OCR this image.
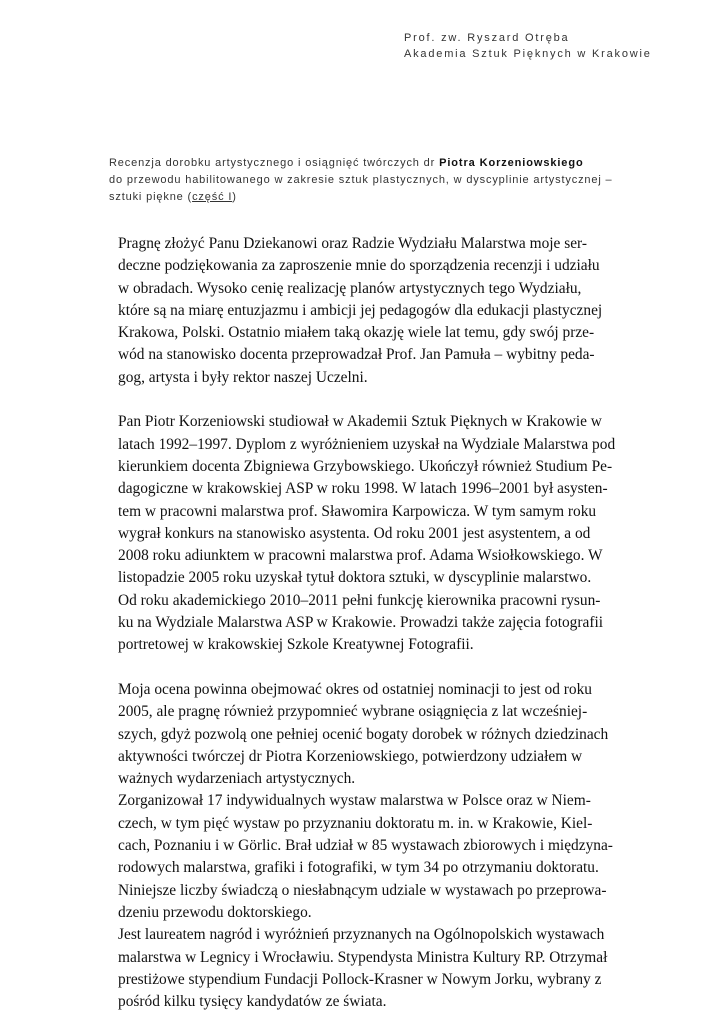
Prof. zw. Ryszard Otręba
Akademia Sztuk Pięknych w Krakowie
Recenzja dorobku artystycznego i osiągnięć twórczych dr Piotra Korzeniowskiego
do przewodu habilitowanego w zakresie sztuk plastycznych, w dyscyplinie artystycznej –
sztuki piękne (część I)
Pragnę złożyć Panu Dziekanowi oraz Radzie Wydziału Malarstwa moje ser-
deczne podziękowania za zaproszenie mnie do sporządzenia recenzji i udziału
w obradach. Wysoko cenię realizację planów artystycznych tego Wydziału,
które są na miarę entuzjazmu i ambicji jej pedagogów dla edukacji plastycznej
Krakowa, Polski. Ostatnio miałem taką okazję wiele lat temu, gdy swój prze-
wód na stanowisko docenta przeprowadzał Prof. Jan Pamuła – wybitny peda-
gog, artysta i były rektor naszej Uczelni.
Pan Piotr Korzeniowski studiował w Akademii Sztuk Pięknych w Krakowie w
latach 1992–1997. Dyplom z wyróżnieniem uzyskał na Wydziale Malarstwa pod
kierunkiem docenta Zbigniewa Grzybowskiego. Ukończył również Studium Pe-
dagogiczne w krakowskiej ASP w roku 1998. W latach 1996–2001 był asysten-
tem w pracowni malarstwa prof. Sławomira Karpowicza. W tym samym roku
wygrał konkurs na stanowisko asystenta. Od roku 2001 jest asystentem, a od
2008 roku adiunktem w pracowni malarstwa prof. Adama Wsiołkowskiego. W
listopadzie 2005 roku uzyskał tytuł doktora sztuki, w dyscyplinie malarstwo.
Od roku akademickiego 2010–2011 pełni funkcję kierownika pracowni rysun-
ku na Wydziale Malarstwa ASP w Krakowie. Prowadzi także zajęcia fotografii
portretowej w krakowskiej Szkole Kreatywnej Fotografii.
Moja ocena powinna obejmować okres od ostatniej nominacji to jest od roku
2005, ale pragnę również przypomnieć wybrane osiągnięcia z lat wcześniej-
szych, gdyż pozwolą one pełniej ocenić bogaty dorobek w różnych dziedzinach
aktywności twórczej dr Piotra Korzeniowskiego, potwierdzony udziałem w
ważnych wydarzeniach artystycznych.
Zorganizował 17 indywidualnych wystaw malarstwa w Polsce oraz w Niem-
czech, w tym pięć wystaw po przyznaniu doktoratu m. in. w Krakowie, Kiel-
cach, Poznaniu i w Görlic. Brał udział w 85 wystawach zbiorowych i międzyna-
rodowych malarstwa, grafiki i fotografiki, w tym 34 po otrzymaniu doktoratu.
Niniejsze liczby świadczą o niesłabnącym udziale w wystawach po przeprowa-
dzeniu przewodu doktorskiego.
Jest laureatem nagród i wyróżnień przyznanych na Ogólnopolskich wystawach
malarstwa w Legnicy i Wrocławiu. Stypendysta Ministra Kultury RP. Otrzymał
prestiżowe stypendium Fundacji Pollock-Krasner w Nowym Jorku, wybrany z
pośród kilku tysięcy kandydatów ze świata.
